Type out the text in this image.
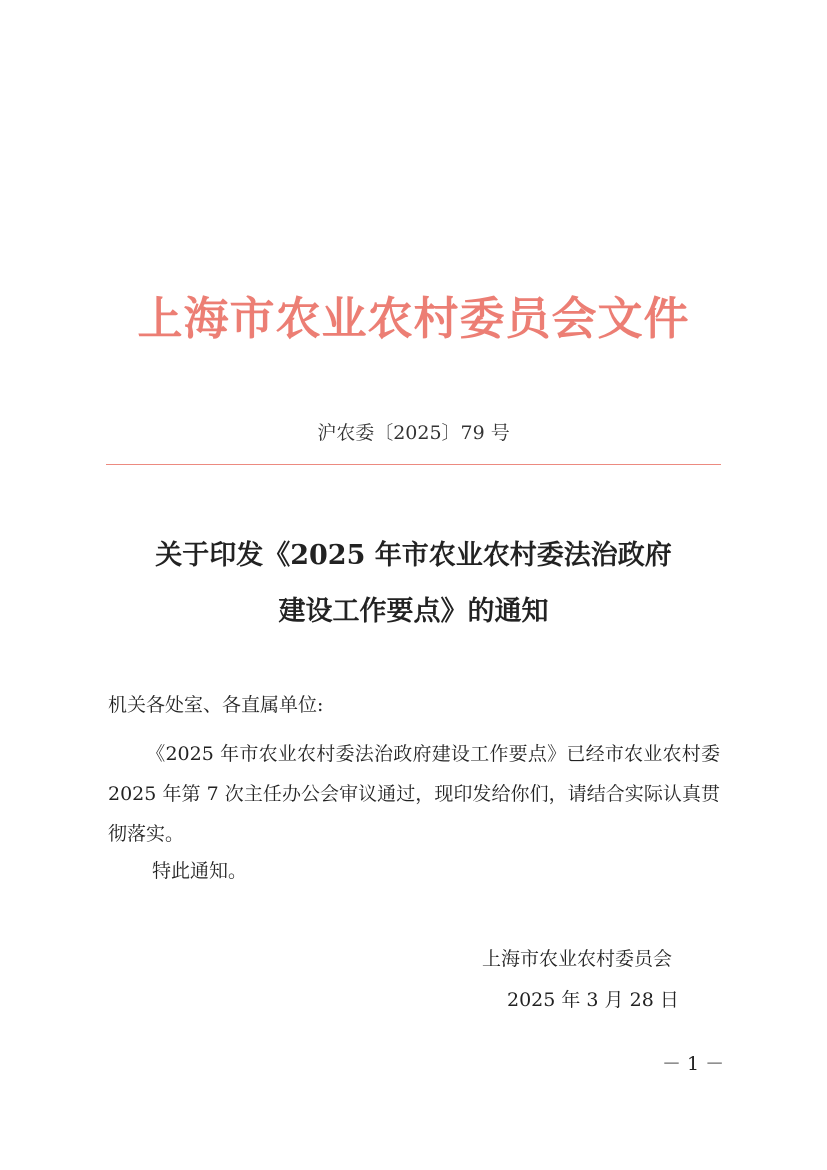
上海市农业农村委员会文件
沪农委〔2025〕79 号
关于印发《2025 年市农业农村委法治政府
建设工作要点》的通知
机关各处室、各直属单位:
《2025 年市农业农村委法治政府建设工作要点》已经市农业农村委 2025 年第 7 次主任办公会审议通过，现印发给你们，请结合实际认真贯彻落实。
特此通知。
上海市农业农村委员会
2025 年 3 月 28 日
－ 1 －
